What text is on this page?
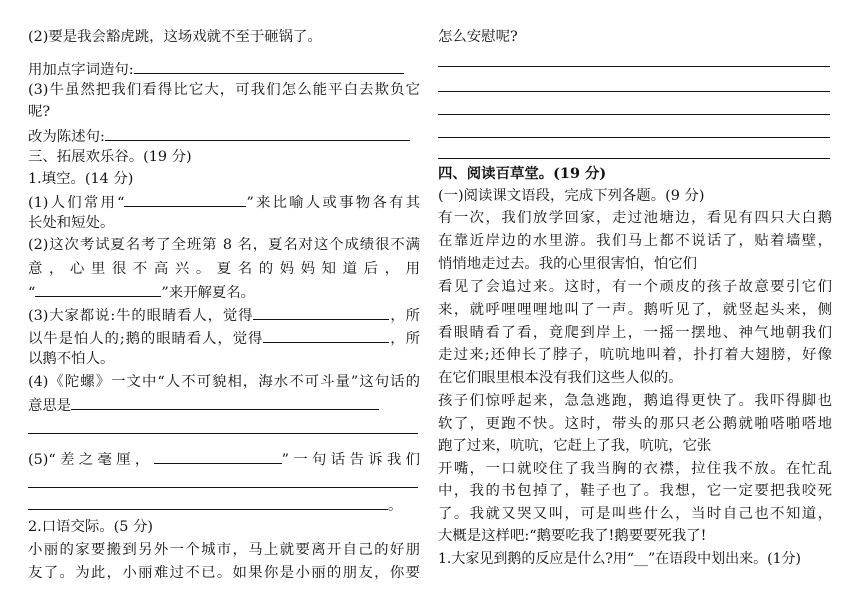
(2)要是我会豁虎跳，这场戏就不至于砸锅了。
用加点字词造句:
(3)牛虽然把我们看得比它大，可我们怎么能平白去欺负它
呢?
改为陈述句:
三、拓展欢乐谷。(19 分)
1.填空。(14 分)
(1)人们常用“	”来比喻人或事物各有其
长处和短处。
(2)这次考试夏名考了全班第 8 名，夏名对这个成绩很不满
意，心里很不高兴。夏名的妈妈知道后，用
“	”来开解夏名。
(3)大家都说:牛的眼睛看人，觉得	，所
以牛是怕人的;鹅的眼睛看人，觉得	，所
以鹅不怕人。
(4)《陀螺》一文中“人不可貌相，海水不可斗量”这句话的
意思是
(5)“差之毫厘，	”一句话告诉我们
。
2.口语交际。(5 分)
小丽的家要搬到另外一个城市，马上就要离开自己的好朋
友了。为此，小丽难过不已。如果你是小丽的朋友，你要
怎么安慰呢?
四、阅读百草堂。(19 分)
(一)阅读课文语段，完成下列各题。(9 分)
有一次，我们放学回家，走过池塘边，看见有四只大白鹅
在靠近岸边的水里游。我们马上都不说话了，贴着墙壁，
悄悄地走过去。我的心里很害怕，怕它们
看见了会追过来。这时，有一个顽皮的孩子故意要引它们
来，就呼哩哩哩地叫了一声。鹅听见了，就竖起头来，侧
看眼睛看了看，竟爬到岸上，一摇一摆地、神气地朝我们
走过来;还伸长了脖子，吭吭地叫着，扑打着大翅膀，好像
在它们眼里根本没有我们这些人似的。
孩子们惊呼起来，急急逃跑，鹅追得更快了。我吓得脚也
软了，更跑不快。这时，带头的那只老公鹅就啪嗒啪嗒地
跑了过来，吭吭，它赶上了我，吭吭，它张
开嘴，一口就咬住了我当胸的衣襟，拉住我不放。在忙乱
中，我的书包掉了，鞋子也了。我想，它一定要把我咬死
了。我就又哭又叫，可是叫些什么，当时自己也不知道，
大概是这样吧:“鹅要吃我了!鹅要要死我了!
1.大家见到鹅的反应是什么?用“__”在语段中划出来。(1分)
